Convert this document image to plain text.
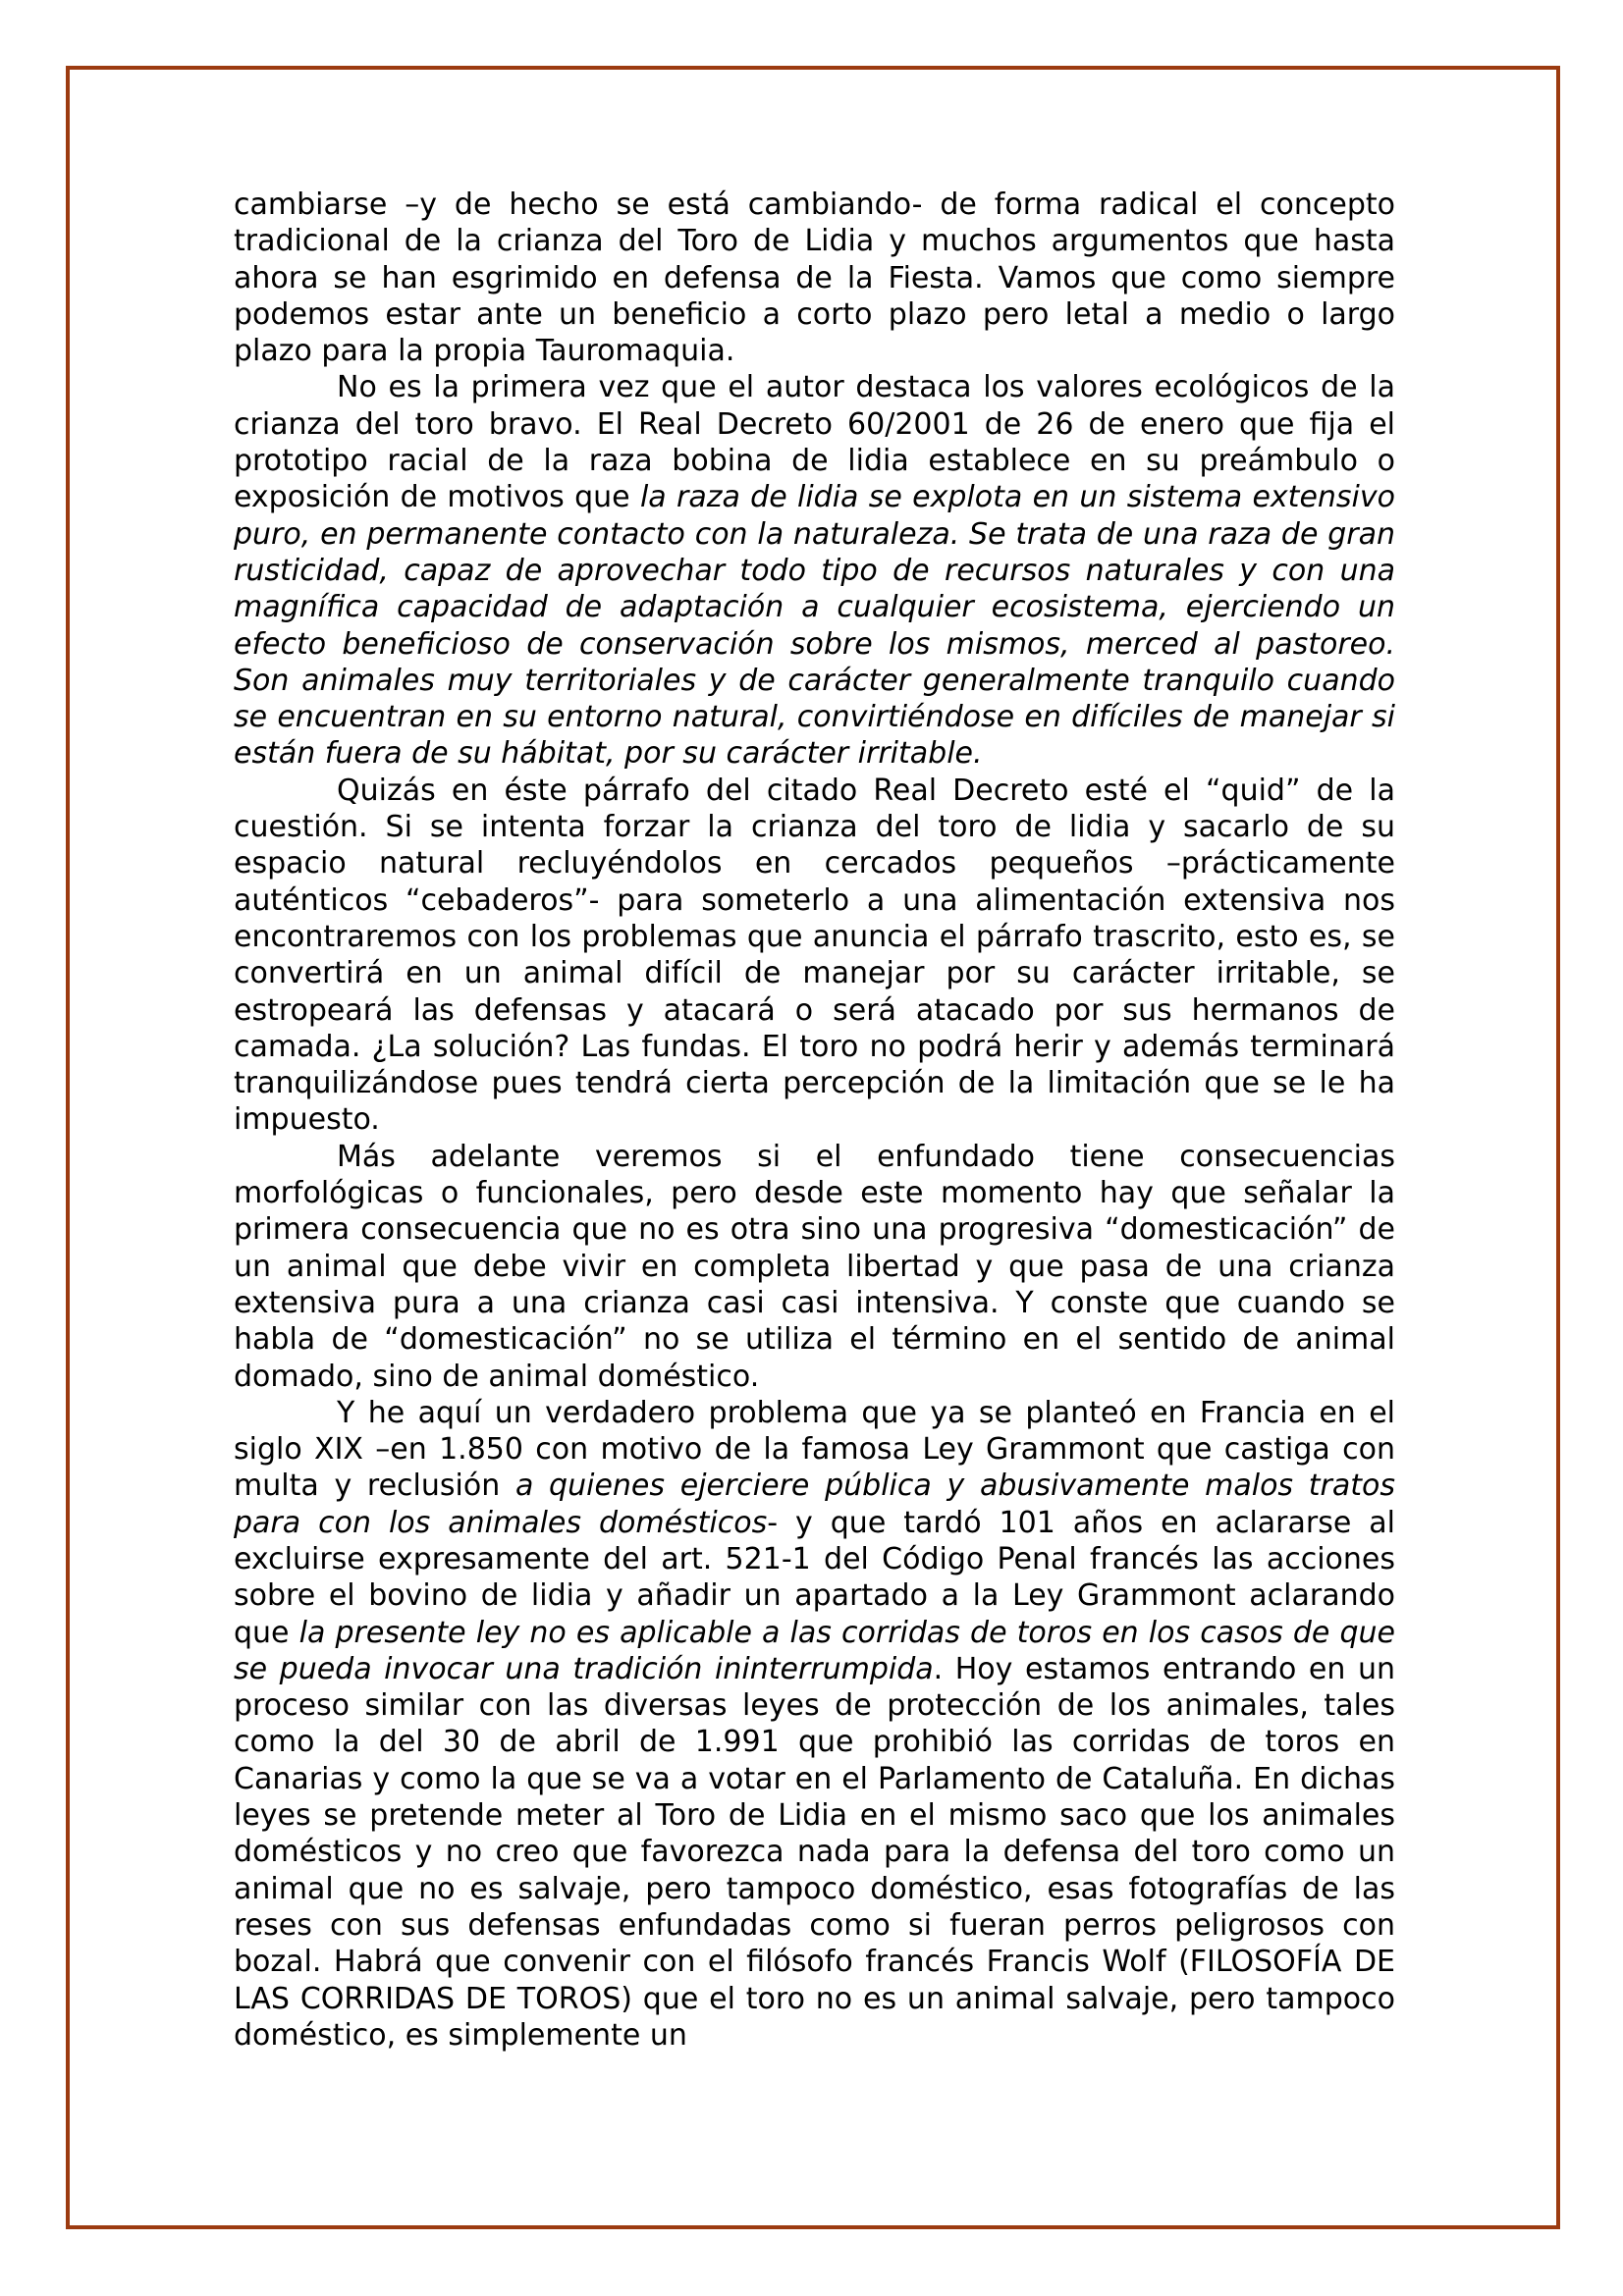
cambiarse –y de hecho se está cambiando- de forma radical el concepto tradicional de la crianza del Toro de Lidia y muchos argumentos que hasta ahora se han esgrimido en defensa de la Fiesta. Vamos que como siempre podemos estar ante un beneficio a corto plazo pero letal a medio o largo plazo para la propia Tauromaquia.

No es la primera vez que el autor destaca los valores ecológicos de la crianza del toro bravo. El Real Decreto 60/2001 de 26 de enero que fija el prototipo racial de la raza bobina de lidia establece en su preámbulo o exposición de motivos que la raza de lidia se explota en un sistema extensivo puro, en permanente contacto con la naturaleza. Se trata de una raza de gran rusticidad, capaz de aprovechar todo tipo de recursos naturales y con una magnífica capacidad de adaptación a cualquier ecosistema, ejerciendo un efecto beneficioso de conservación sobre los mismos, merced al pastoreo. Son animales muy territoriales y de carácter generalmente tranquilo cuando se encuentran en su entorno natural, convirtiéndose en difíciles de manejar si están fuera de su hábitat, por su carácter irritable.

Quizás en éste párrafo del citado Real Decreto esté el “quid” de la cuestión. Si se intenta forzar la crianza del toro de lidia y sacarlo de su espacio natural recluyéndolos en cercados pequeños –prácticamente auténticos “cebaderos”- para someterlo a una alimentación extensiva nos encontraremos con los problemas que anuncia el párrafo trascrito, esto es, se convertirá en un animal difícil de manejar por su carácter irritable, se estropeará las defensas y atacará o será atacado por sus hermanos de camada. ¿La solución? Las fundas. El toro no podrá herir y además terminará tranquilizándose pues tendrá cierta percepción de la limitación que se le ha impuesto.

Más adelante veremos si el enfundado tiene consecuencias morfológicas o funcionales, pero desde este momento hay que señalar la primera consecuencia que no es otra sino una progresiva “domesticación” de un animal que debe vivir en completa libertad y que pasa de una crianza extensiva pura a una crianza casi casi intensiva. Y conste que cuando se habla de “domesticación” no se utiliza el término en el sentido de animal domado, sino de animal doméstico.

Y he aquí un verdadero problema que ya se planteó en Francia en el siglo XIX –en 1.850 con motivo de la famosa Ley Grammont que castiga con multa y reclusión a quienes ejerciere pública y abusivamente malos tratos para con los animales domésticos- y que tardó 101 años en aclararse al excluirse expresamente del art. 521-1 del Código Penal francés las acciones sobre el bovino de lidia y añadir un apartado a la Ley Grammont aclarando que la presente ley no es aplicable a las corridas de toros en los casos de que se pueda invocar una tradición ininterrumpida. Hoy estamos entrando en un proceso similar con las diversas leyes de protección de los animales, tales como la del 30 de abril de 1.991 que prohibió las corridas de toros en Canarias y como la que se va a votar en el Parlamento de Cataluña. En dichas leyes se pretende meter al Toro de Lidia en el mismo saco que los animales domésticos y no creo que favorezca nada para la defensa del toro como un animal que no es salvaje, pero tampoco doméstico, esas fotografías de las reses con sus defensas enfundadas como si fueran perros peligrosos con bozal. Habrá que convenir con el filósofo francés Francis Wolf (FILOSOFÍA DE LAS CORRIDAS DE TOROS) que el toro no es un animal salvaje, pero tampoco doméstico, es simplemente un
